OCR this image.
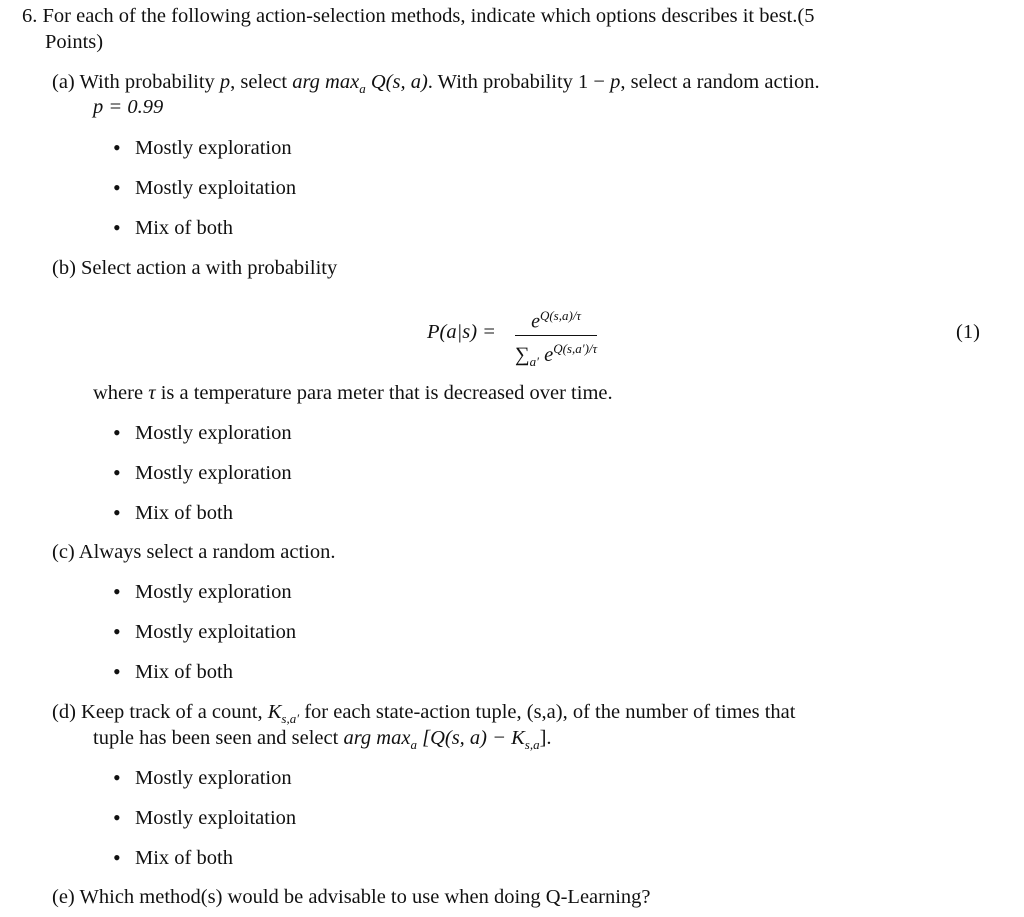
6. For each of the following action-selection methods, indicate which options describes it best.(5
Points)
(a) With probability p, select arg $\max_a Q(s$, a). With probability 1 − p, select a random action.
p = 0.99
• Mostly exploration
• Mostly exploitation
• Mix of both
(b) Select action a with probability
$P(a|s) = \frac{e^{Q(s,a)/\tau}}{\sum_{a'} e^{Q(s,a')/\tau}}$	(1)
where τ is a temperature para meter that is decreased over time.
• Mostly exploration
• Mostly exploration
• Mix of both
(c) Always select a random action.
• Mostly exploration
• Mostly exploitation
• Mix of both
(d) Keep track of a count, $K_{s,a'}$ for each state-action tuple, (s,a), of the number of times that
tuple has been seen and select arg $\max_a [Q(s$, $a) - K_{s,a}$].
• Mostly exploration
• Mostly exploitation
• Mix of both
(e) Which method(s) would be advisable to use when doing Q-Learning?
